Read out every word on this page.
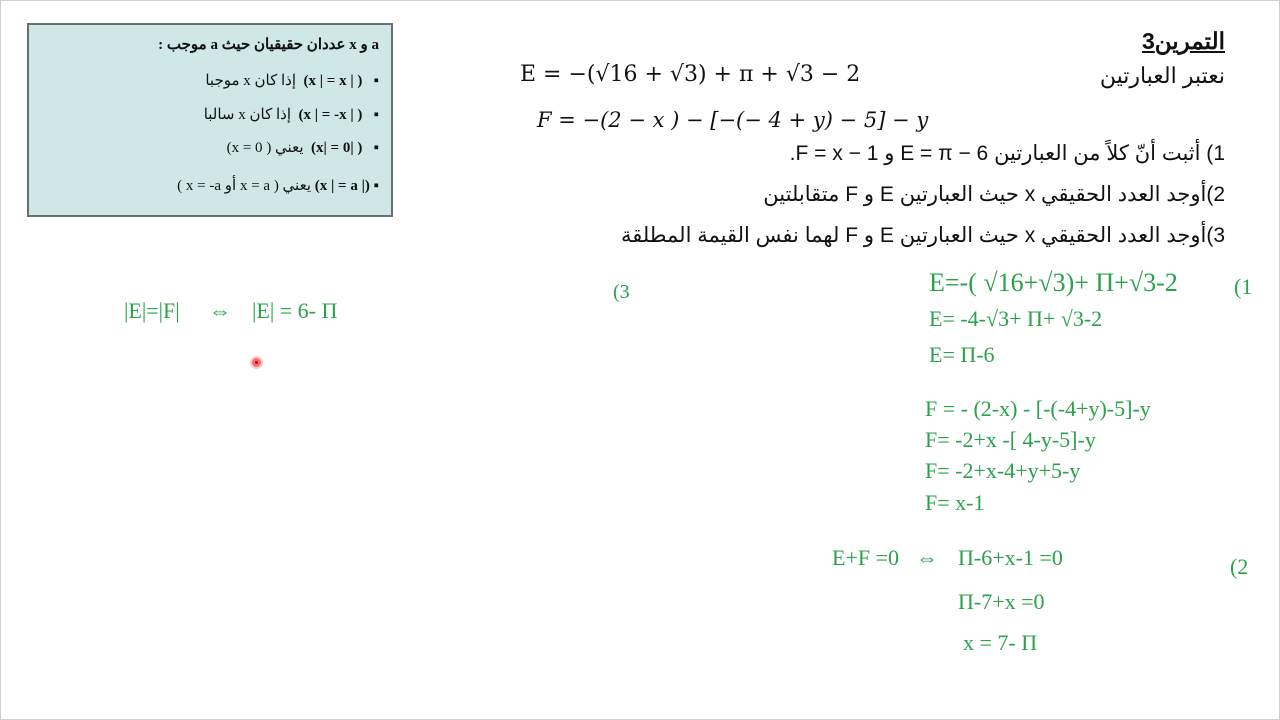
a و x عددان حقيقيان حيث a موجب :
▪   ( | x | = x)  إذا كان x موجبا
▪   ( | x | = -x)  إذا كان x سالبا
▪   ( |x| = 0)  يعني ( x = 0)
▪ (| x | = a) يعني ( x = a أو x = -a )
التمرين3
نعتبر العبارتين
E = −(√16 + √3) + π + √3 − 2
F = −(2 − x ) − [−(− 4 + y) − 5] − y
1) أثبت أنّ كلاً من العبارتين E = π − 6 و F = x − 1.
2)أوجد العدد الحقيقي x حيث العبارتين E و F متقابلتين
3)أوجد العدد الحقيقي x حيث العبارتين E و F لهما نفس القيمة المطلقة
(1
E=-( √16+√3)+ Π+√3-2
E= -4-√3+ Π+ √3-2
E= Π-6
F = - (2-x) - [-(-4+y)-5]-y
F= -2+x -[ 4-y-5]-y
F= -2+x-4+y+5-y
F= x-1
(2
E+F =0 ⇔ Π-6+x-1 =0
Π-7+x =0
x = 7- Π
(3
|E|=|F| ⇔ |E| = 6- Π
